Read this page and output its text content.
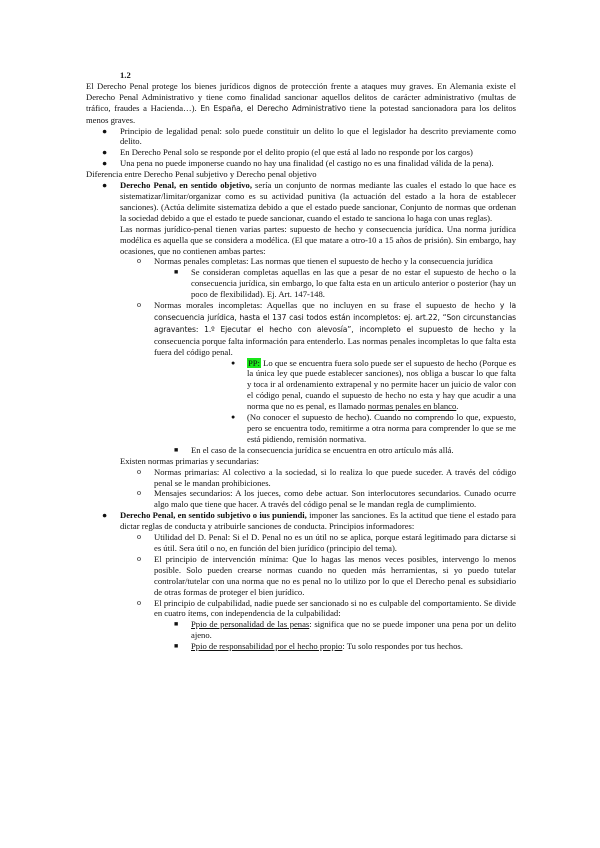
1.2

El Derecho Penal protege los bienes jurídicos dignos de protección frente a ataques muy graves. En Alemania existe el Derecho Penal Administrativo y tiene como finalidad sancionar aquellos delitos de carácter administrativo (multas de tráfico, fraudes a Hacienda…). En España, el Derecho Administrativo tiene la potestad sancionadora para los delitos menos graves.

● Principio de legalidad penal: solo puede constituir un delito lo que el legislador ha descrito previamente como delito.
● En Derecho Penal solo se responde por el delito propio (el que está al lado no responde por los cargos)
● Una pena no puede imponerse cuando no hay una finalidad (el castigo no es una finalidad válida de la pena).

Diferencia entre Derecho Penal subjetivo y Derecho penal objetivo

● Derecho Penal, en sentido objetivo, sería un conjunto de normas mediante las cuales el estado lo que hace es sistematizar/limitar/organizar como es su actividad punitiva (la actuación del estado a la hora de establecer sanciones). (Actúa delimite sistematiza debido a que el estado puede sancionar, Conjunto de normas que ordenan la sociedad debido a que el estado te puede sancionar, cuando el estado te sanciona lo haga con unas reglas).

Las normas jurídico-penal tienen varias partes: supuesto de hecho y consecuencia jurídica. Una norma jurídica modélica es aquella que se considera a modélica. (El que matare a otro-10 a 15 años de prisión). Sin embargo, hay ocasiones, que no contienen ambas partes:

o Normas penales completas: Las normas que tienen el supuesto de hecho y la consecuencia jurídica
■ Se consideran completas aquellas en las que a pesar de no estar el supuesto de hecho o la consecuencia jurídica, sin embargo, lo que falta esta en un articulo anterior o posterior (hay un poco de flexibilidad). Ej. Art. 147-148.
o Normas morales incompletas: Aquellas que no incluyen en su frase el supuesto de hecho y la consecuencia jurídica, hasta el 137 casi todos están incompletos: ej. art.22, “Son circunstancias agravantes: 1.º Ejecutar el hecho con alevosía”, incompleto el supuesto de hecho y la consecuencia porque falta información para entenderlo. Las normas penales incompletas lo que falta esta fuera del código penal.
● PP: Lo que se encuentra fuera solo puede ser el supuesto de hecho (Porque es la única ley que puede establecer sanciones), nos obliga a buscar lo que falta y toca ir al ordenamiento extrapenal y no permite hacer un juicio de valor con el código penal, cuando el supuesto de hecho no esta y hay que acudir a una norma que no es penal, es llamado normas penales en blanco.
● (No conocer el supuesto de hecho). Cuando no comprendo lo que, expuesto, pero se encuentra todo, remitirme a otra norma para comprender lo que se me está pidiendo, remisión normativa.
■ En el caso de la consecuencia jurídica se encuentra en otro artículo más allá.

Existen normas primarias y secundarias:

o Normas primarias: Al colectivo a la sociedad, si lo realiza lo que puede suceder. A través del código penal se le mandan prohibiciones.
o Mensajes secundarios: A los jueces, como debe actuar. Son interlocutores secundarios. Cunado ocurre algo malo que tiene que hacer. A través del código penal se le mandan regla de cumplimiento.
● Derecho Penal, en sentido subjetivo o ius puniendi, imponer las sanciones. Es la actitud que tiene el estado para dictar reglas de conducta y atribuirle sanciones de conducta. Principios informadores:
o Utilidad del D. Penal: Si el D. Penal no es un útil no se aplica, porque estará legitimado para dictarse si es útil. Sera útil o no, en función del bien jurídico (principio del tema).
o El principio de intervención mínima: Que lo hagas las menos veces posibles, intervengo lo menos posible. Solo pueden crearse normas cuando no queden más herramientas, si yo puedo tutelar controlar/tutelar con una norma que no es penal no lo utilizo por lo que el Derecho penal es subsidiario de otras formas de proteger el bien jurídico.
o El principio de culpabilidad, nadie puede ser sancionado si no es culpable del comportamiento. Se divide en cuatro ítems, con independencia de la culpabilidad:
■ Ppio de personalidad de las penas: significa que no se puede imponer una pena por un delito ajeno.
■ Ppio de responsabilidad por el hecho propio: Tu solo respondes por tus hechos.
